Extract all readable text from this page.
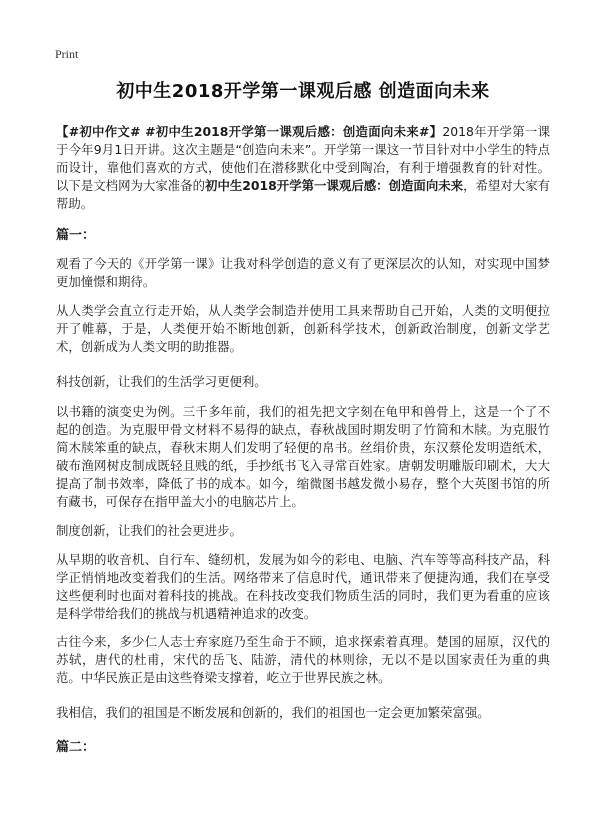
Print
初中生2018开学第一课观后感 创造面向未来

【#初中作文# #初中生2018开学第一课观后感：创造面向未来#】2018年开学第一课于今年9月1日开讲。这次主题是“创造向未来”。开学第一课这一节目针对中小学生的特点而设计，靠他们喜欢的方式，使他们在潜移默化中受到陶冶，有利于增强教育的针对性。以下是文档网为大家准备的初中生2018开学第一课观后感：创造面向未来，希望对大家有帮助。

篇一：

观看了今天的《开学第一课》让我对科学创造的意义有了更深层次的认知，对实现中国梦更加憧憬和期待。

从人类学会直立行走开始，从人类学会制造并使用工具来帮助自己开始，人类的文明便拉开了帷幕，于是，人类便开始不断地创新，创新科学技术，创新政治制度，创新文学艺术，创新成为人类文明的助推器。

科技创新，让我们的生活学习更便利。

以书籍的演变史为例。三千多年前，我们的祖先把文字刻在龟甲和兽骨上，这是一个了不起的创造。为克服甲骨文材料不易得的缺点，春秋战国时期发明了竹简和木牍。为克服竹简木牍笨重的缺点，春秋末期人们发明了轻便的帛书。丝绢价贵，东汉蔡伦发明造纸术，破布渔网树皮制成既轻且贱的纸，手抄纸书飞入寻常百姓家。唐朝发明雕版印刷术，大大提高了制书效率，降低了书的成本。如今，缩微图书越发微小易存，整个大英图书馆的所有藏书，可保存在指甲盖大小的电脑芯片上。

制度创新，让我们的社会更进步。

从早期的收音机、自行车、缝纫机，发展为如今的彩电、电脑、汽车等等高科技产品，科学正悄悄地改变着我们的生活。网络带来了信息时代，通讯带来了便捷沟通，我们在享受这些便利时也面对着科技的挑战。在科技改变我们物质生活的同时，我们更为看重的应该是科学带给我们的挑战与机遇精神追求的改变。

古往今来，多少仁人志士弃家庭乃至生命于不顾，追求探索着真理。楚国的屈原，汉代的苏轼，唐代的杜甫，宋代的岳飞、陆游，清代的林则徐，无以不是以国家责任为重的典范。中华民族正是由这些脊梁支撑着，屹立于世界民族之林。

我相信，我们的祖国是不断发展和创新的，我们的祖国也一定会更加繁荣富强。

篇二：
